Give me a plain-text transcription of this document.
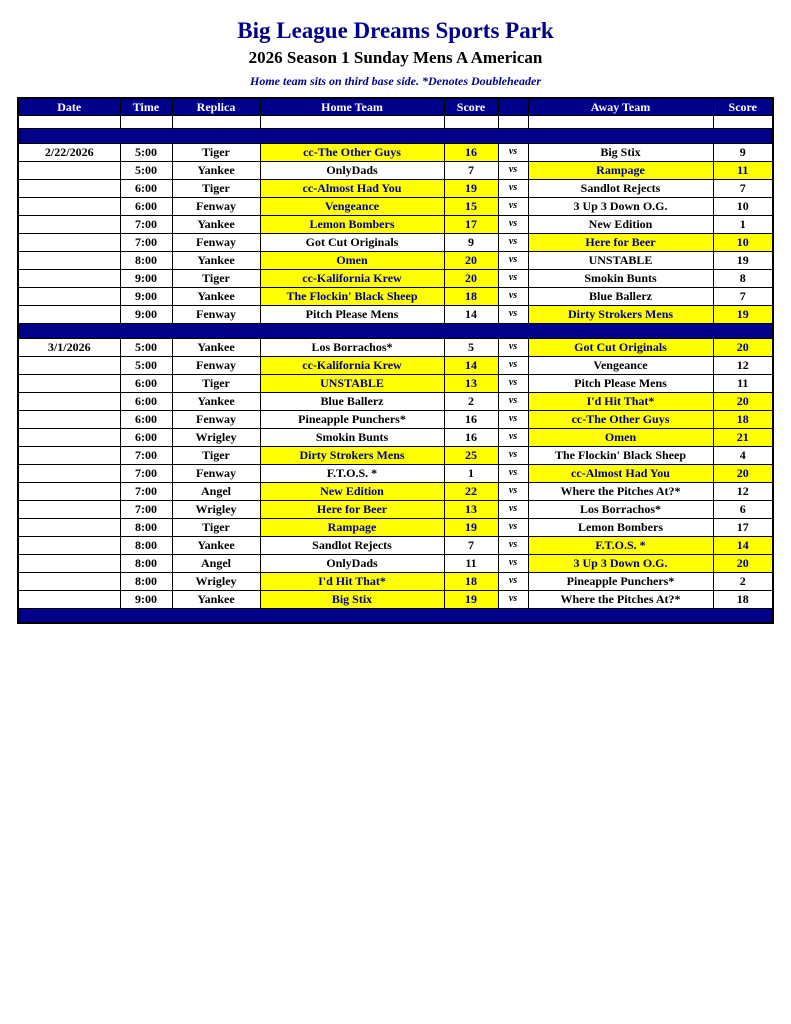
Big League Dreams Sports Park
2026 Season 1 Sunday Mens A American
Home team sits on third base side. *Denotes Doubleheader
Date	Time	Replica	Home Team	Score		Away Team	Score

2/22/2026	5:00	Tiger	cc-The Other Guys	16	vs	Big Stix	9
	5:00	Yankee	OnlyDads	7	vs	Rampage	11
	6:00	Tiger	cc-Almost Had You	19	vs	Sandlot Rejects	7
	6:00	Fenway	Vengeance	15	vs	3 Up 3 Down O.G.	10
	7:00	Yankee	Lemon Bombers	17	vs	New Edition	1
	7:00	Fenway	Got Cut Originals	9	vs	Here for Beer	10
	8:00	Yankee	Omen	20	vs	UNSTABLE	19
	9:00	Tiger	cc-Kalifornia Krew	20	vs	Smokin Bunts	8
	9:00	Yankee	The Flockin' Black Sheep	18	vs	Blue Ballerz	7
	9:00	Fenway	Pitch Please Mens	14	vs	Dirty Strokers Mens	19

3/1/2026	5:00	Yankee	Los Borrachos*	5	vs	Got Cut Originals	20
	5:00	Fenway	cc-Kalifornia Krew	14	vs	Vengeance	12
	6:00	Tiger	UNSTABLE	13	vs	Pitch Please Mens	11
	6:00	Yankee	Blue Ballerz	2	vs	I'd Hit That*	20
	6:00	Fenway	Pineapple Punchers*	16	vs	cc-The Other Guys	18
	6:00	Wrigley	Smokin Bunts	16	vs	Omen	21
	7:00	Tiger	Dirty Strokers Mens	25	vs	The Flockin' Black Sheep	4
	7:00	Fenway	F.T.O.S. *	1	vs	cc-Almost Had You	20
	7:00	Angel	New Edition	22	vs	Where the Pitches At?*	12
	7:00	Wrigley	Here for Beer	13	vs	Los Borrachos*	6
	8:00	Tiger	Rampage	19	vs	Lemon Bombers	17
	8:00	Yankee	Sandlot Rejects	7	vs	F.T.O.S. *	14
	8:00	Angel	OnlyDads	11	vs	3 Up 3 Down O.G.	20
	8:00	Wrigley	I'd Hit That*	18	vs	Pineapple Punchers*	2
	9:00	Yankee	Big Stix	19	vs	Where the Pitches At?*	18
